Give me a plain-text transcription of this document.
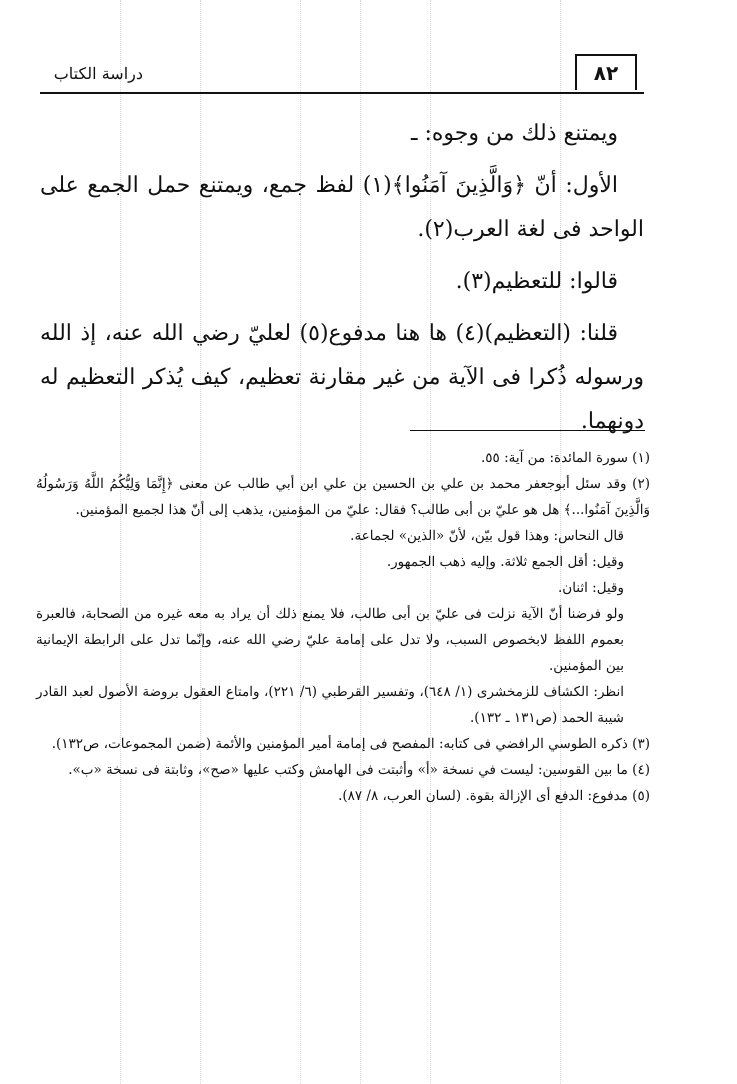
دراسة الكتاب	٨٢

ويمتنع ذلك من وجوه: ـ

الأول: أنّ ﴿وَالَّذِينَ آمَنُوا﴾(١) لفظ جمع، ويمتنع حمل الجمع على الواحد فى لغة العرب(٢).

قالوا: للتعظيم(٣).

قلنا: (التعظيم)(٤) ها هنا مدفوع(٥) لعليّ رضي الله عنه، إذ الله ورسوله ذُكرا فى الآية من غير مقارنة تعظيم، كيف يُذكر التعظيم له دونهما.

(١) سورة المائدة: من آية: ٥٥.

(٢) وقد سئل أبوجعفر محمد بن علي بن الحسين بن علي ابن أبي طالب عن معنى ﴿إِنَّمَا وَلِيُّكُمُ اللَّهُ وَرَسُولُهُ وَالَّذِينَ آمَنُوا...﴾ هل هو عليّ بن أبى طالب؟ فقال: عليّ من المؤمنين، يذهب إلى أنّ هذا لجميع المؤمنين.

قال النحاس: وهذا قول بيّن، لأنّ «الذين» لجماعة.

وقيل: أقل الجمع ثلاثة. وإليه ذهب الجمهور.

وقيل: اثنان.

ولو فرضنا أنّ الآية نزلت فى عليّ بن أبى طالب، فلا يمنع ذلك أن يراد به معه غيره من الصحابة، فالعبرة بعموم اللفظ لابخصوص السبب، ولا تدل على إمامة عليّ رضي الله عنه، وإنّما تدل على الرابطة الإيمانية بين المؤمنين.

انظر: الكشاف للزمخشرى (١/ ٦٤٨)، وتفسير القرطبي (٦/ ٢٢١)، وامتاع العقول بروضة الأصول لعبد القادر شيبة الحمد (ص١٣١ ـ ١٣٢).

(٣) ذكره الطوسي الرافضي فى كتابه: المفصح فى إمامة أمير المؤمنين والأئمة (ضمن المجموعات، ص١٣٢).

(٤) ما بين القوسين: ليست في نسخة «أ» وأثبتت فى الهامش وكتب عليها «صح»، وثابتة فى نسخة «ب».

(٥) مدفوع: الدفع أى الإزالة بقوة. (لسان العرب، ٨/ ٨٧).
